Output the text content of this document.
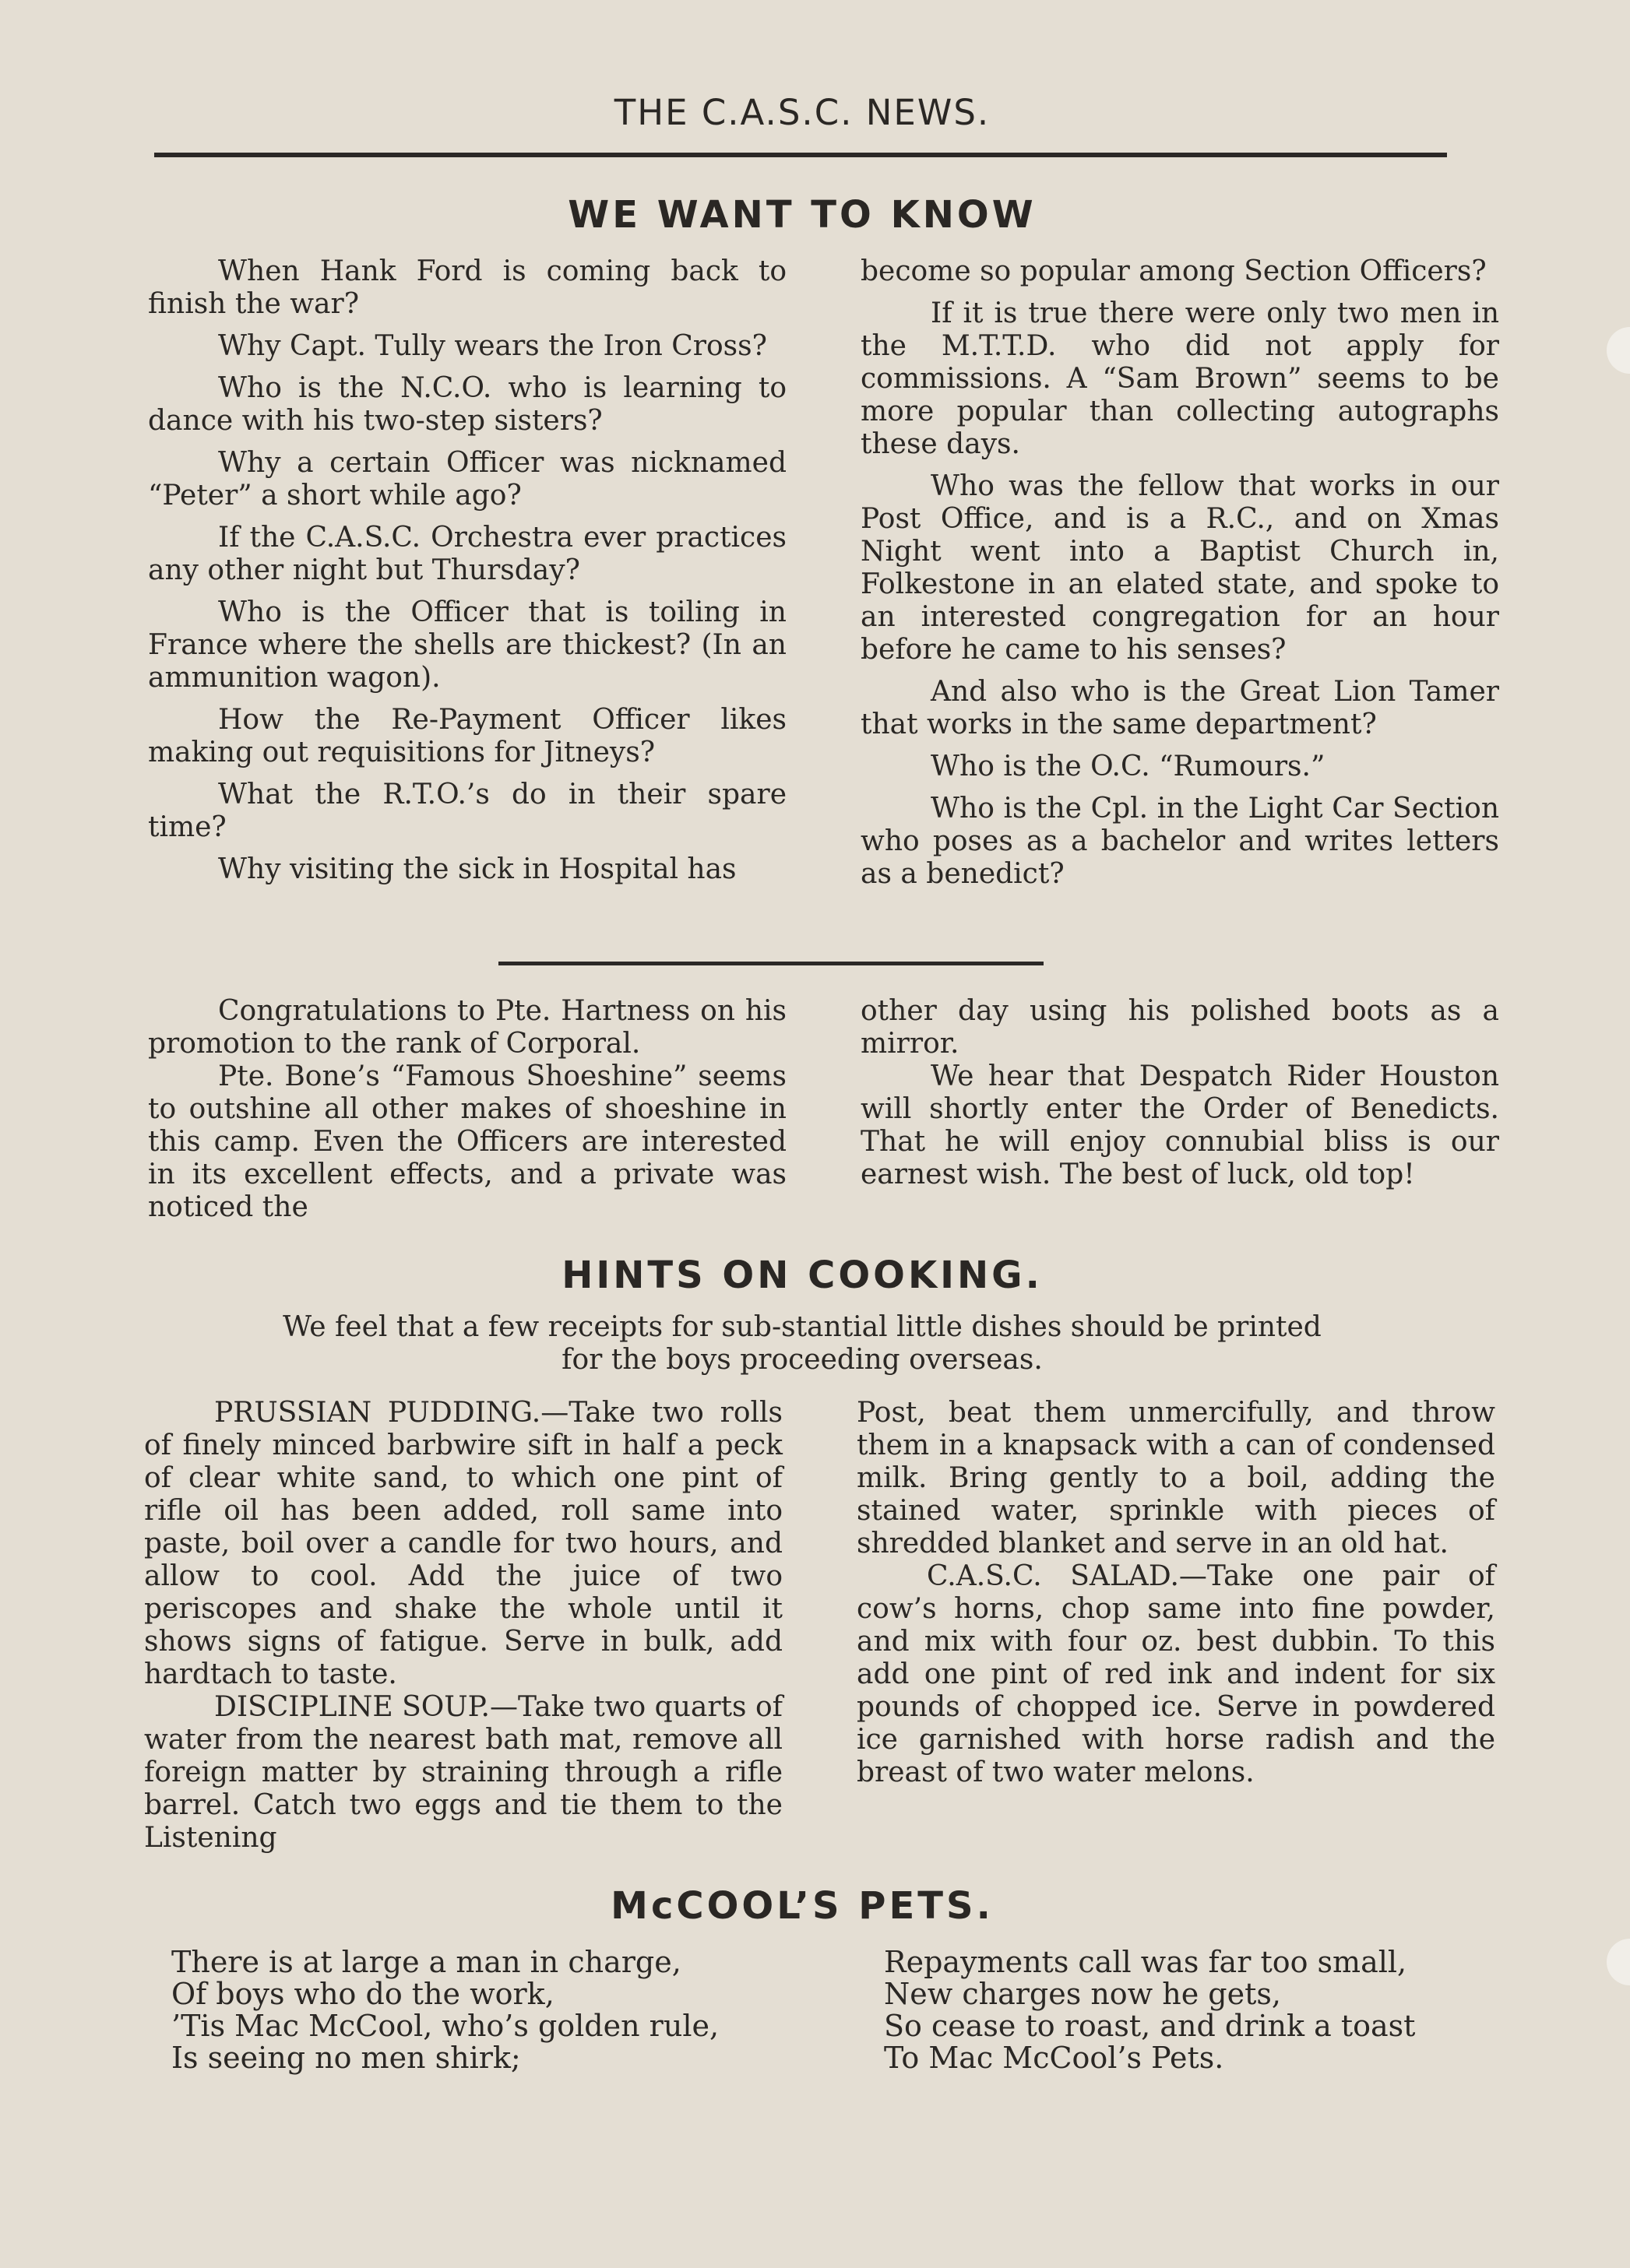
THE C.A.S.C. NEWS.
WE WANT TO KNOW

When Hank Ford is coming back to finish the war?

Why Capt. Tully wears the Iron Cross?

Who is the N.C.O. who is learning to dance with his two-step sisters?

Why a certain Officer was nicknamed “Peter” a short while ago?

If the C.A.S.C. Orchestra ever practices any other night but Thursday?

Who is the Officer that is toiling in France where the shells are thickest? (In an ammunition wagon).

How the Re-Payment Officer likes making out requisitions for Jitneys?

What the R.T.O.’s do in their spare time?

Why visiting the sick in Hospital has

become so popular among Section Officers?

If it is true there were only two men in the M.T.T.D. who did not apply for commissions. A “Sam Brown” seems to be more popular than collecting autographs these days.

Who was the fellow that works in our Post Office, and is a R.C., and on Xmas Night went into a Baptist Church in, Folkestone in an elated state, and spoke to an interested congregation for an hour before he came to his senses?

And also who is the Great Lion Tamer that works in the same department?

Who is the O.C. “Rumours.”

Who is the Cpl. in the Light Car Section who poses as a bachelor and writes letters as a benedict?

Congratulations to Pte. Hartness on his promotion to the rank of Corporal.

Pte. Bone’s “Famous Shoeshine” seems to outshine all other makes of shoeshine in this camp. Even the Officers are interested in its excellent effects, and a private was noticed the

other day using his polished boots as a mirror.

We hear that Despatch Rider Houston will shortly enter the Order of Benedicts. That he will enjoy connubial bliss is our earnest wish. The best of luck, old top!

HINTS ON COOKING.
We feel that a few receipts for sub-stantial little dishes should be printed
for the boys proceeding overseas.

PRUSSIAN PUDDING.—Take two rolls of finely minced barbwire sift in half a peck of clear white sand, to which one pint of rifle oil has been added, roll same into paste, boil over a candle for two hours, and allow to cool. Add the juice of two periscopes and shake the whole until it shows signs of fatigue. Serve in bulk, add hardtach to taste.

DISCIPLINE SOUP.—Take two quarts of water from the nearest bath mat, remove all foreign matter by straining through a rifle barrel. Catch two eggs and tie them to the Listening

Post, beat them unmercifully, and throw them in a knapsack with a can of condensed milk. Bring gently to a boil, adding the stained water, sprinkle with pieces of shredded blanket and serve in an old hat.

C.A.S.C. SALAD.—Take one pair of cow’s horns, chop same into fine powder, and mix with four oz. best dubbin. To this add one pint of red ink and indent for six pounds of chopped ice. Serve in powdered ice garnished with horse radish and the breast of two water melons.

McCOOL’S PETS.
There is at large a man in charge,
Of boys who do the work,
’Tis Mac McCool, who’s golden rule,
Is seeing no men shirk;
Repayments call was far too small,
New charges now he gets,
So cease to roast, and drink a toast
To Mac McCool’s Pets.
